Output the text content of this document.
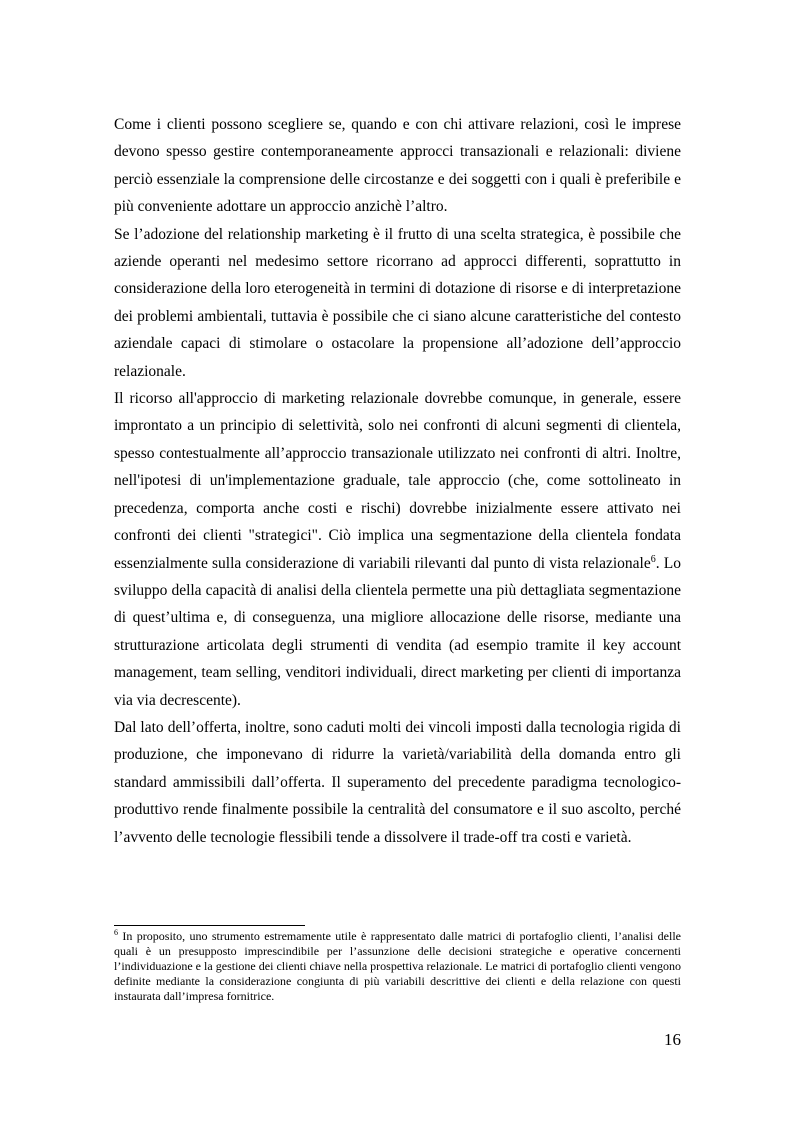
Come i clienti possono scegliere se, quando e con chi attivare relazioni, così le imprese devono spesso gestire contemporaneamente approcci transazionali e relazionali: diviene perciò essenziale la comprensione delle circostanze e dei soggetti con i quali è preferibile e più conveniente adottare un approccio anzichè l’altro.

Se l’adozione del relationship marketing è il frutto di una scelta strategica, è possibile che aziende operanti nel medesimo settore ricorrano ad approcci differenti, soprattutto in considerazione della loro eterogeneità in termini di dotazione di risorse e di interpretazione dei problemi ambientali, tuttavia è possibile che ci siano alcune caratteristiche del contesto aziendale capaci di stimolare o ostacolare la propensione all’adozione dell’approccio relazionale.

Il ricorso all'approccio di marketing relazionale dovrebbe comunque, in generale, essere improntato a un principio di selettività, solo nei confronti di alcuni segmenti di clientela, spesso contestualmente all’approccio transazionale utilizzato nei confronti di altri. Inoltre, nell'ipotesi di un'implementazione graduale, tale approccio (che, come sottolineato in precedenza, comporta anche costi e rischi) dovrebbe inizialmente essere attivato nei confronti dei clienti "strategici". Ciò implica una segmentazione della clientela fondata essenzialmente sulla considerazione di variabili rilevanti dal punto di vista relazionale$^6$. Lo sviluppo della capacità di analisi della clientela permette una più dettagliata segmentazione di quest’ultima e, di conseguenza, una migliore allocazione delle risorse, mediante una strutturazione articolata degli strumenti di vendita (ad esempio tramite il key account management, team selling, venditori individuali, direct marketing per clienti di importanza via via decrescente).

Dal lato dell’offerta, inoltre, sono caduti molti dei vincoli imposti dalla tecnologia rigida di produzione, che imponevano di ridurre la varietà/variabilità della domanda entro gli standard ammissibili dall’offerta. Il superamento del precedente paradigma tecnologico-produttivo rende finalmente possibile la centralità del consumatore e il suo ascolto, perché l’avvento delle tecnologie flessibili tende a dissolvere il trade-off tra costi e varietà.

$^6$ In proposito, uno strumento estremamente utile è rappresentato dalle matrici di portafoglio clienti, l’analisi delle quali è un presupposto imprescindibile per l’assunzione delle decisioni strategiche e operative concernenti l’individuazione e la gestione dei clienti chiave nella prospettiva relazionale. Le matrici di portafoglio clienti vengono definite mediante la considerazione congiunta di più variabili descrittive dei clienti e della relazione con questi instaurata dall’impresa fornitrice.

16
